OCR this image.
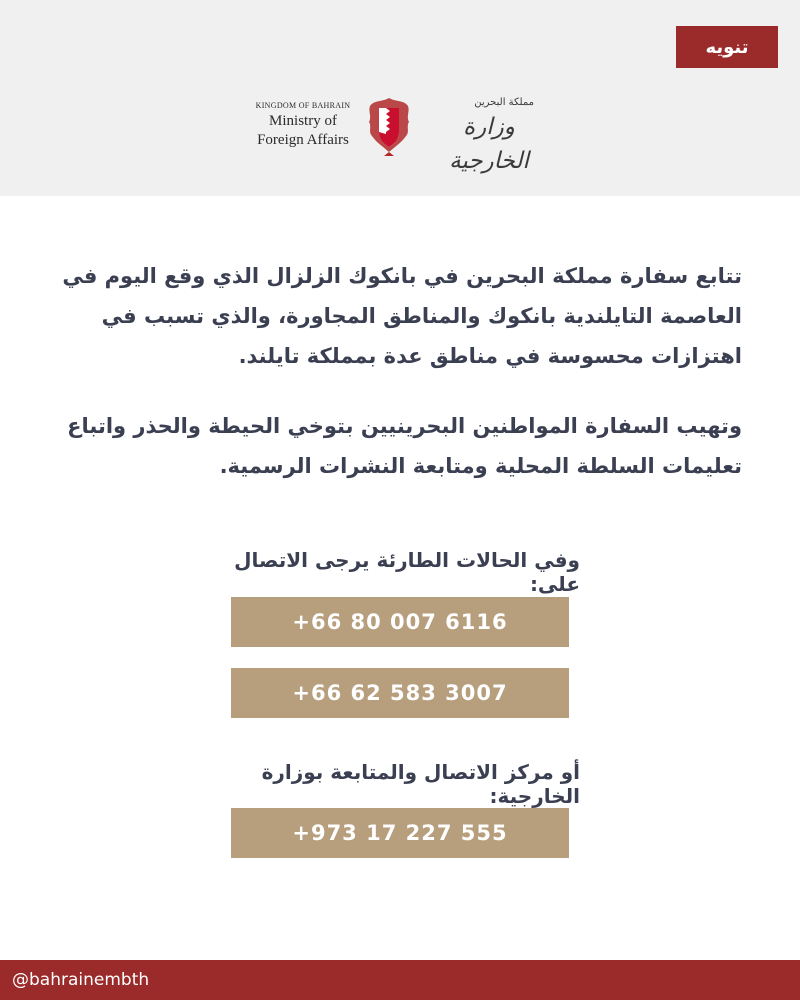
تنويه
KINGDOM OF BAHRAIN
Ministry of
Foreign Affairs
مملكة البحرين
وزارة الخارجية

تتابع سفارة مملكة البحرين في بانكوك الزلزال الذي وقع اليوم في العاصمة التايلندية بانكوك والمناطق المجاورة، والذي تسبب في اهتزازات محسوسة في مناطق عدة بمملكة تايلند.

وتهيب السفارة المواطنين البحرينيين بتوخي الحيطة والحذر واتباع تعليمات السلطة المحلية ومتابعة النشرات الرسمية.

وفي الحالات الطارئة يرجى الاتصال على:

+66 80 007 6116
+66 62 583 3007

أو مركز الاتصال والمتابعة بوزارة الخارجية:

+973 17 227 555
@bahrainembth
